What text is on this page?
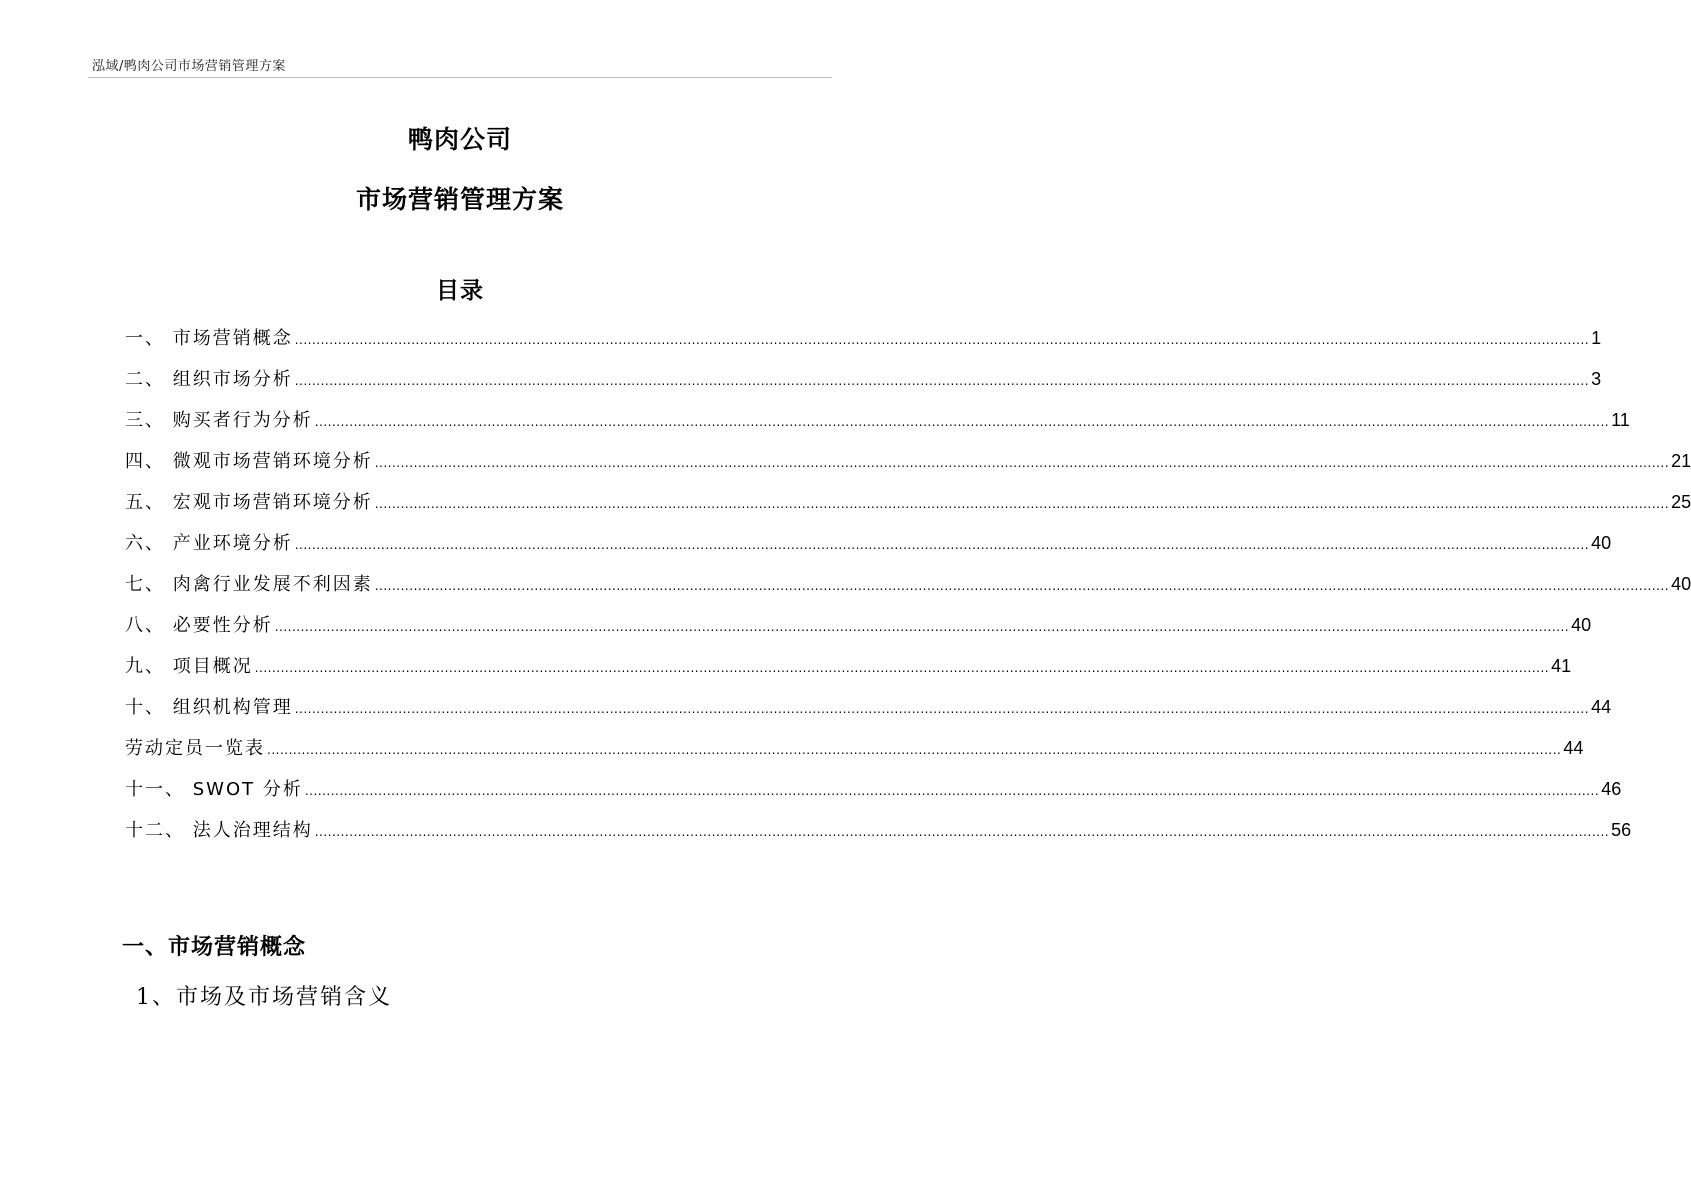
泓域/鸭肉公司市场营销管理方案
鸭肉公司
市场营销管理方案
目录
一、 市场营销概念 ............................................................................................................................................................................................................................................................................................................ 1
二、 组织市场分析 ............................................................................................................................................................................................................................................................................................................ 3
三、 购买者行为分析 ............................................................................................................................................................................................................................................................................................................ 11
四、 微观市场营销环境分析 ............................................................................................................................................................................................................................................................................................................ 21
五、 宏观市场营销环境分析 ............................................................................................................................................................................................................................................................................................................ 25
六、 产业环境分析 ............................................................................................................................................................................................................................................................................................................ 40
七、 肉禽行业发展不利因素 ............................................................................................................................................................................................................................................................................................................ 40
八、 必要性分析 ............................................................................................................................................................................................................................................................................................................ 40
九、 项目概况 ............................................................................................................................................................................................................................................................................................................ 41
十、 组织机构管理 ............................................................................................................................................................................................................................................................................................................ 44
劳动定员一览表 ............................................................................................................................................................................................................................................................................................................ 44
十一、 SWOT 分析 ............................................................................................................................................................................................................................................................................................................ 46
十二、 法人治理结构 ............................................................................................................................................................................................................................................................................................................ 56
一、市场营销概念
1、市场及市场营销含义
